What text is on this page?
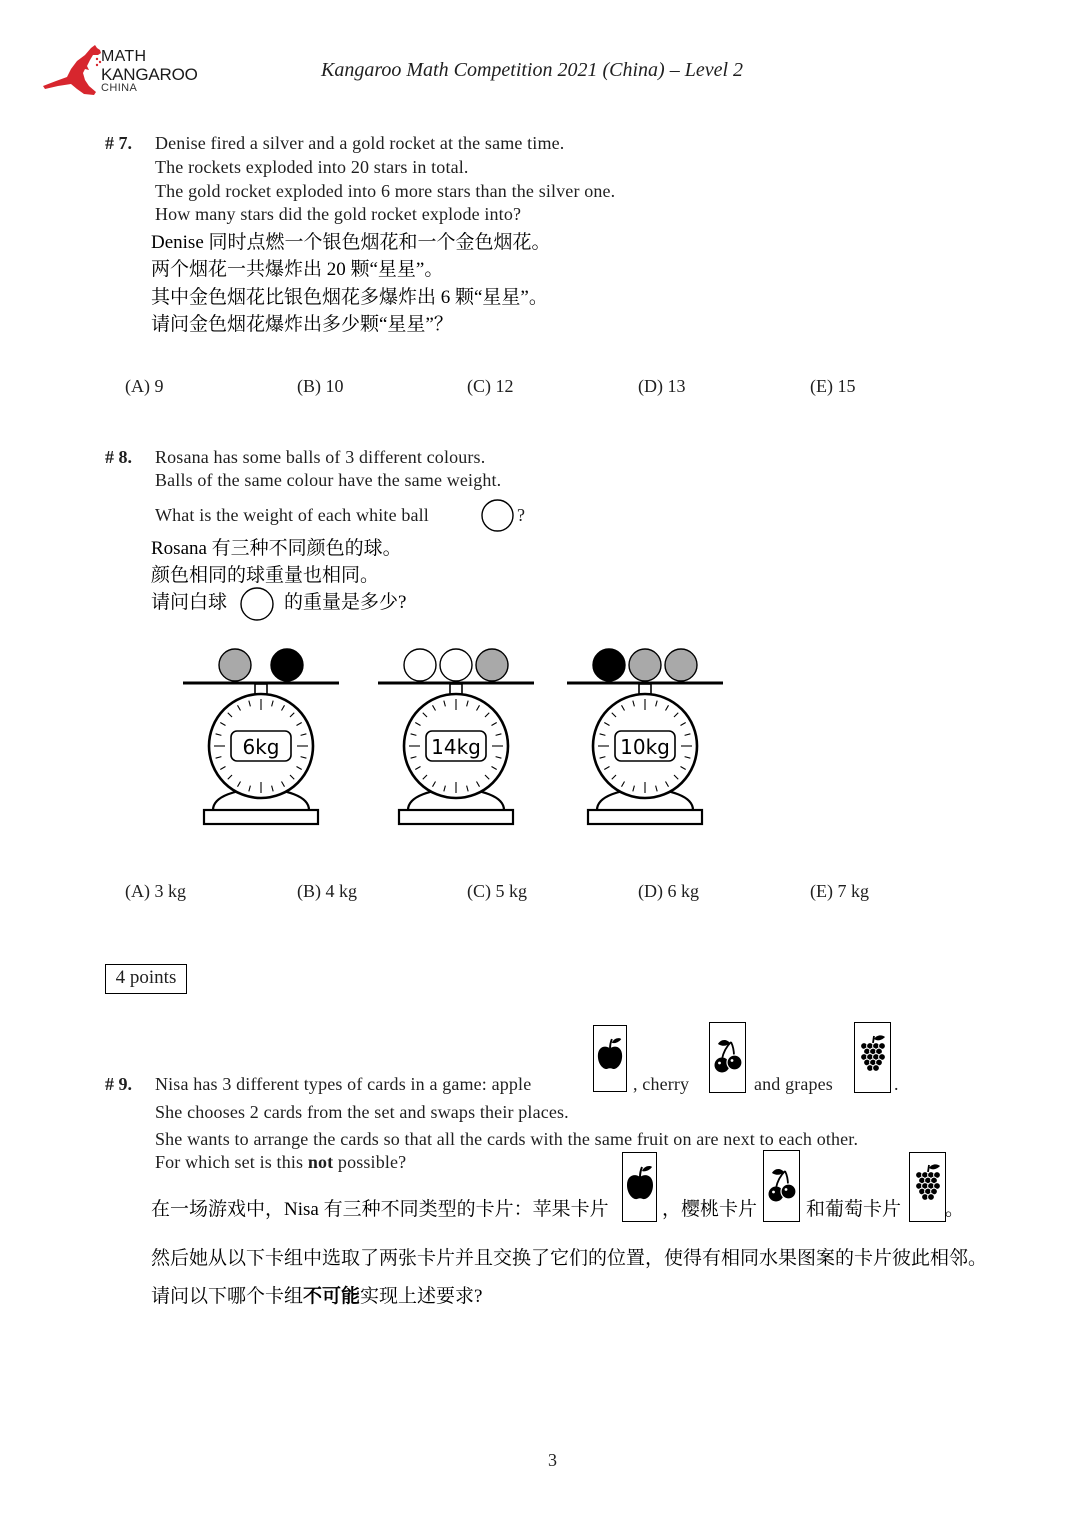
MATH
KANGAROO
CHINA
Kangaroo Math Competition 2021 (China) – Level 2
# 7. Denise fired a silver and a gold rocket at the same time.
The rockets exploded into 20 stars in total.
The gold rocket exploded into 6 more stars than the silver one.
How many stars did the gold rocket explode into?
Denise 同时点燃一个银色烟花和一个金色烟花。
两个烟花一共爆炸出 20 颗“星星”。
其中金色烟花比银色烟花多爆炸出 6 颗“星星”。
请问金色烟花爆炸出多少颗“星星”？
(A) 9	(B) 10	(C) 12	(D) 13	(E) 15
# 8. Rosana has some balls of 3 different colours.
Balls of the same colour have the same weight.
What is the weight of each white ball	?
Rosana 有三种不同颜色的球。
颜色相同的球重量也相同。
请问白球	的重量是多少?
6kg	14kg	10kg
(A) 3 kg	(B) 4 kg	(C) 5 kg	(D) 6 kg	(E) 7 kg
4 points
# 9. Nisa has 3 different types of cards in a game: apple	, cherry	and grapes	.
She chooses 2 cards from the set and swaps their places.
She wants to arrange the cards so that all the cards with the same fruit on are next to each other.
For which set is this not possible?
在一场游戏中，Nisa 有三种不同类型的卡片：苹果卡片	，樱桃卡片	和葡萄卡片 。
然后她从以下卡组中选取了两张卡片并且交换了它们的位置，使得有相同水果图案的卡片彼此相邻。
请问以下哪个卡组不可能实现上述要求?
3
